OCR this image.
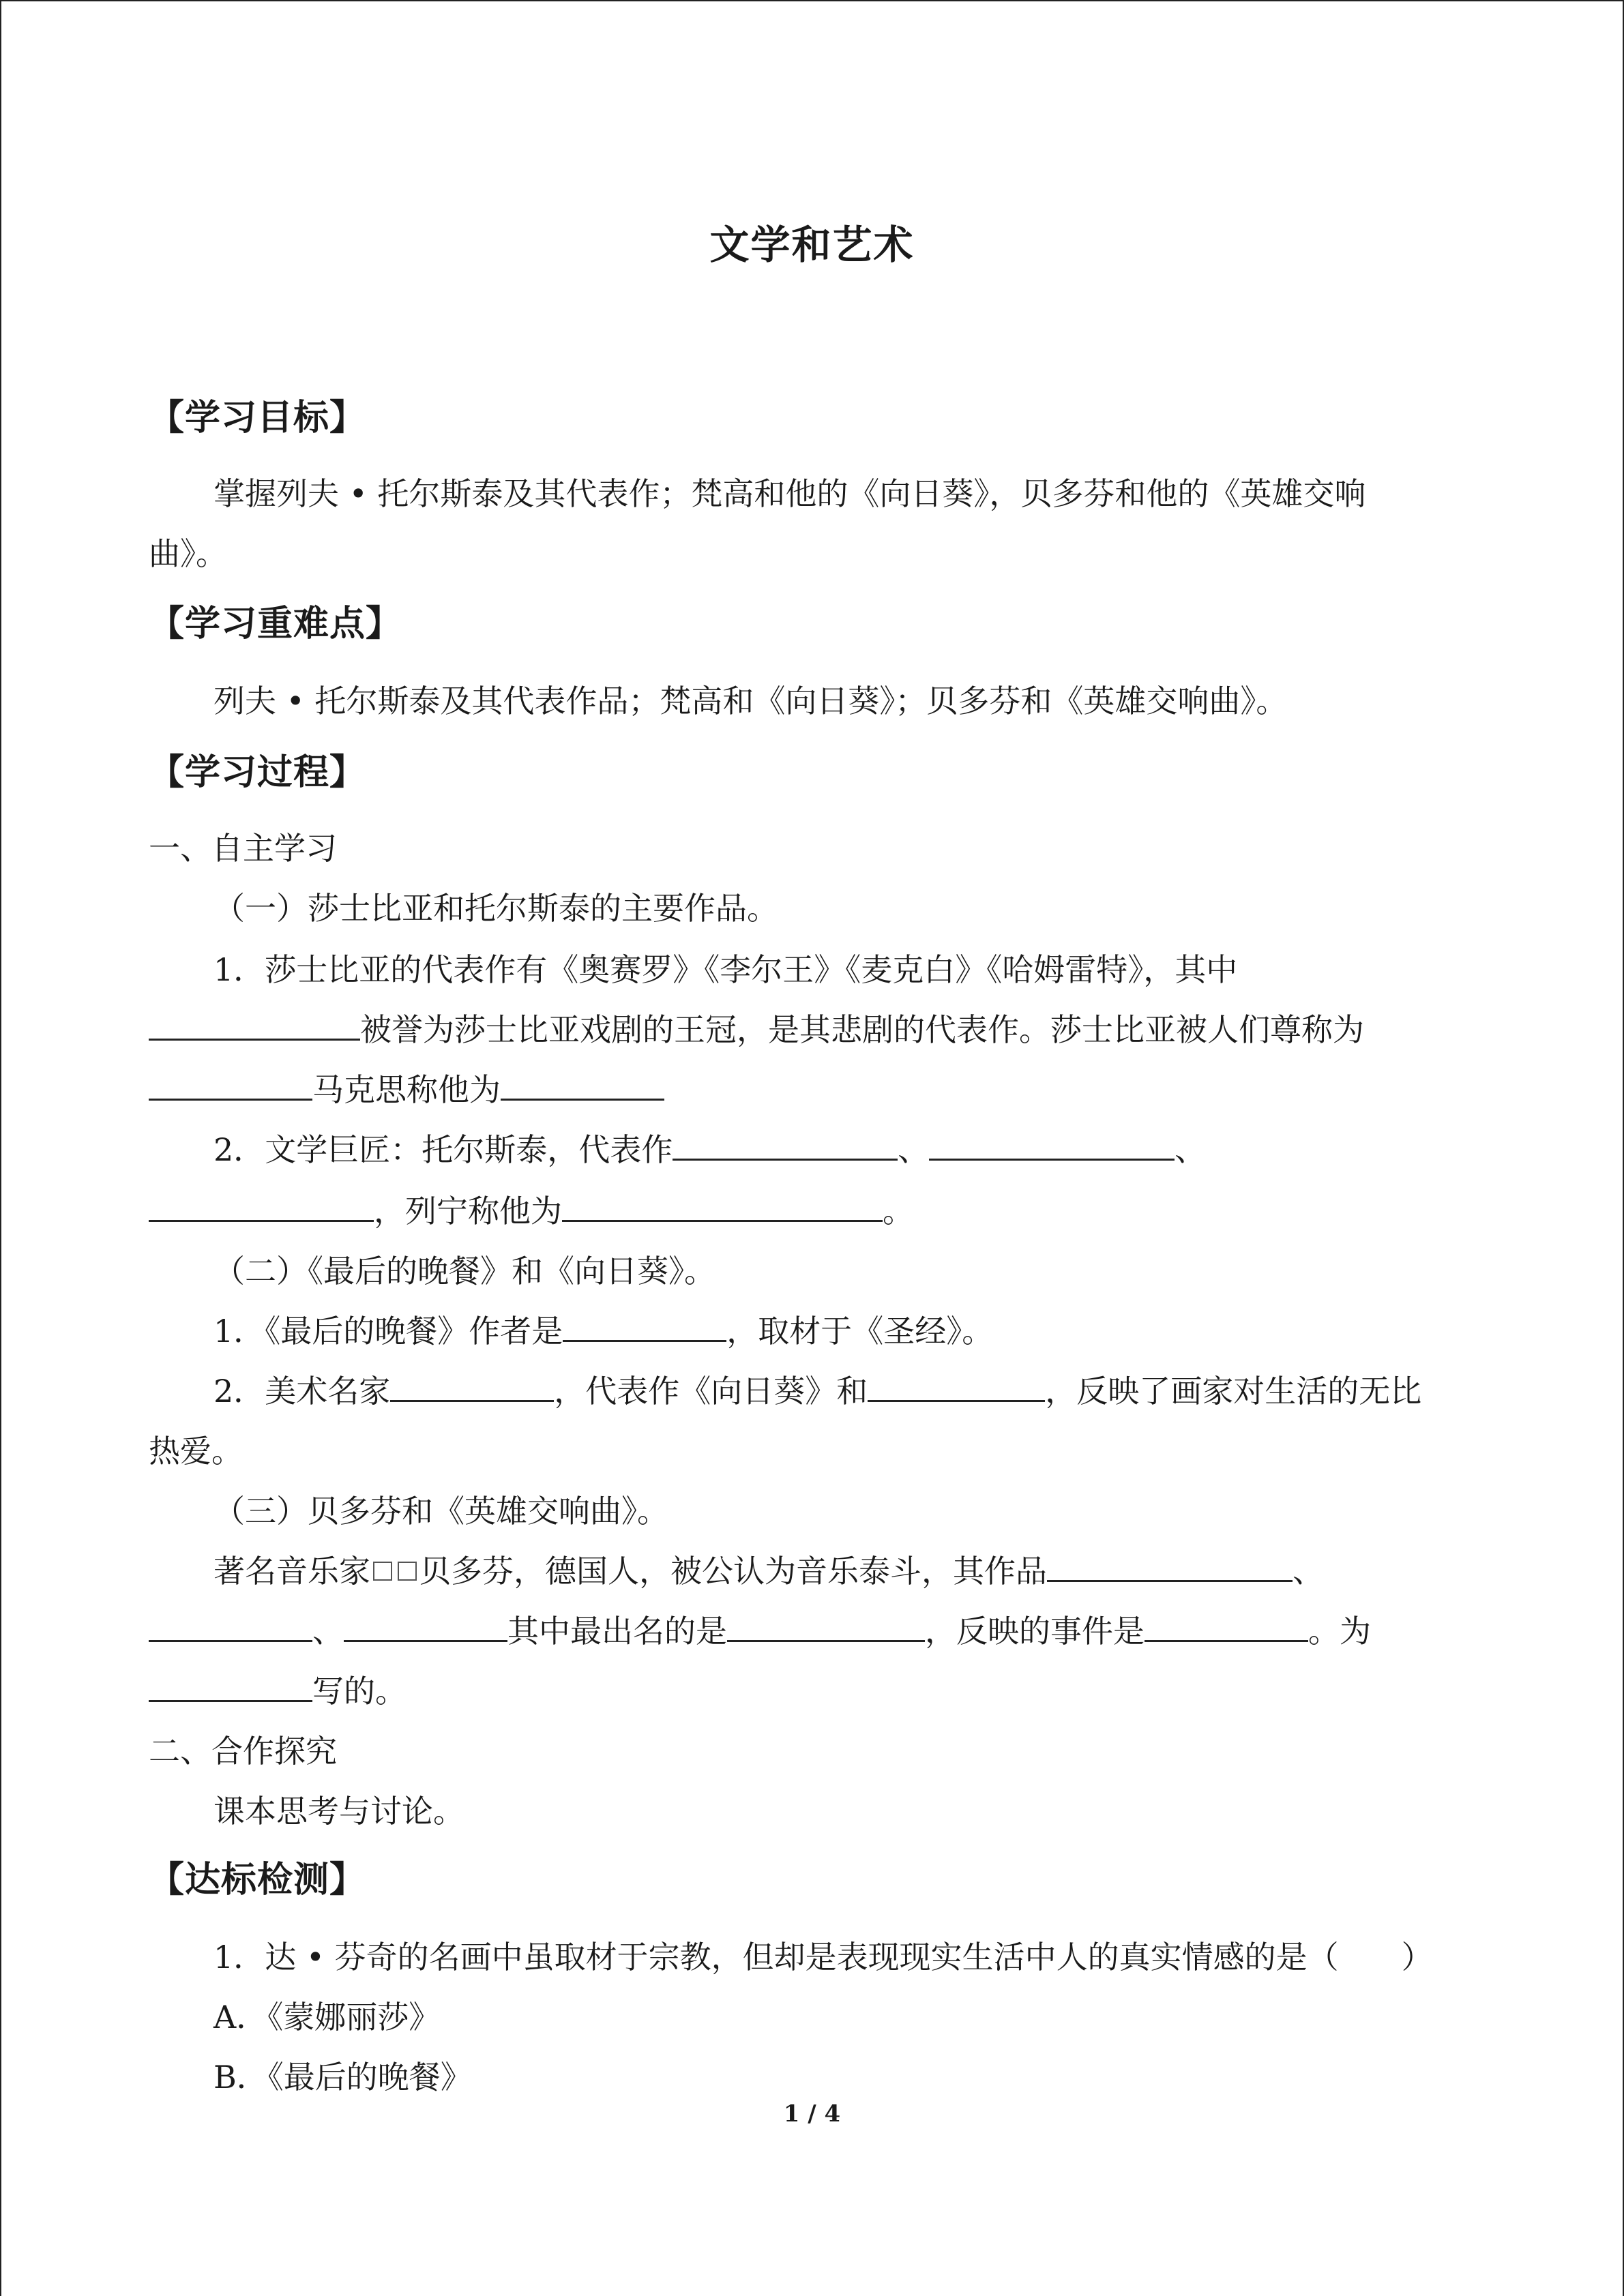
文学和艺术
【学习目标】
掌握列夫 • 托尔斯泰及其代表作；梵高和他的《向日葵》，贝多芬和他的《英雄交响
曲》。
【学习重难点】
列夫 • 托尔斯泰及其代表作品；梵高和《向日葵》；贝多芬和《英雄交响曲》。
【学习过程】
一、自主学习
（一）莎士比亚和托尔斯泰的主要作品。
1．莎士比亚的代表作有《奥赛罗》《李尔王》《麦克白》《哈姆雷特》，其中
被誉为莎士比亚戏剧的王冠，是其悲剧的代表作。莎士比亚被人们尊称为
马克思称他为
2．文学巨匠：托尔斯泰，代表作	、	、
，列宁称他为	。
（二）《最后的晚餐》和《向日葵》。
1．《最后的晚餐》作者是	，取材于《圣经》。
2．美术名家	，代表作《向日葵》和	，反映了画家对生活的无比
热爱。
（三）贝多芬和《英雄交响曲》。
著名音乐家 贝多芬，德国人，被公认为音乐泰斗，其作品	、
、	其中最出名的是	，反映的事件是	。为
写的。
二、合作探究
课本思考与讨论。
【达标检测】
1．达 • 芬奇的名画中虽取材于宗教，但却是表现现实生活中人的真实情感的是（　　）
A．《蒙娜丽莎》
B．《最后的晚餐》
1 / 4
